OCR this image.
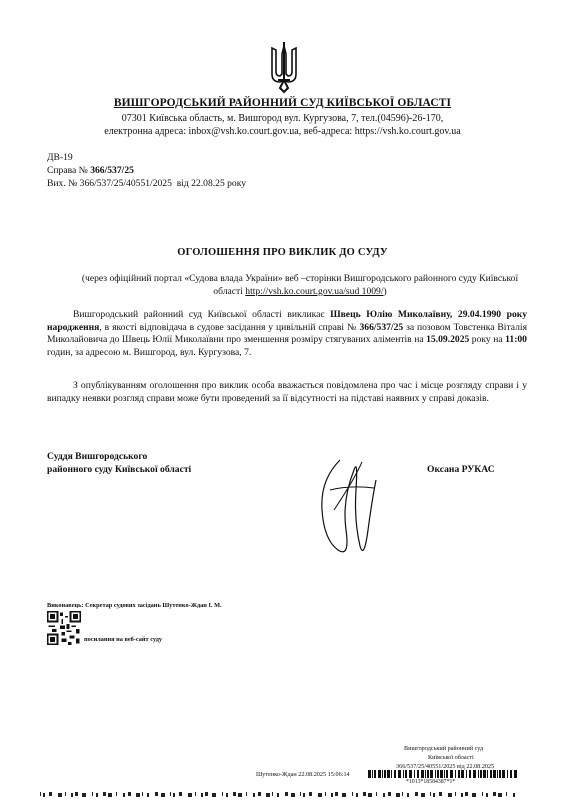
ВИШГОРОДСЬКИЙ РАЙОННИЙ СУД КИЇВСЬКОЇ ОБЛАСТІ
07301 Київська область, м. Вишгород вул. Кургузова, 7, тел.(04596)-26-170,
електронна адреса: inbox@vsh.ko.court.gov.ua, веб-адреса: https://vsh.ko.court.gov.ua
ДВ-19
Справа № 366/537/25
Вих. № 366/537/25/40551/2025 від 22.08.25 року
ОГОЛОШЕННЯ ПРО ВИКЛИК ДО СУДУ
(через офіційний портал «Судова влада України» веб –сторінки Вишгородського районного суду Київської області http://vsh.ko.court.gov.ua/sud 1009/)
Вишгородський районний суд Київської області викликає Швець Юлію Миколаївну, 29.04.1990 року народження, в якості відповідача в судове засідання у цивільній справі № 366/537/25 за позовом Товстенка Віталія Миколайовича до Швець Юлії Миколаївни про зменшення розміру стягуваних аліментів на 15.09.2025 року на 11:00 годин, за адресою м. Вишгород, вул. Кургузова, 7.
З опублікуванням оголошення про виклик особа вважається повідомлена про час і місце розгляду справи і у випадку неявки розгляд справи може бути проведений за її відсутності на підставі наявних у справі доказів.
Суддя Вишгородського
районного суду Київської області	Оксана РУКАС
Виконавець: Секретар судових засідань Шутенко-Ждан І. М.
посилання на веб-сайт суду
Вишгородський районний суд
Київської області
366/537/25/40551/2025 від 22.08.2025
Шутенко-Ждан 22.08.2025 15:06:14
*1013*18584387*1*
